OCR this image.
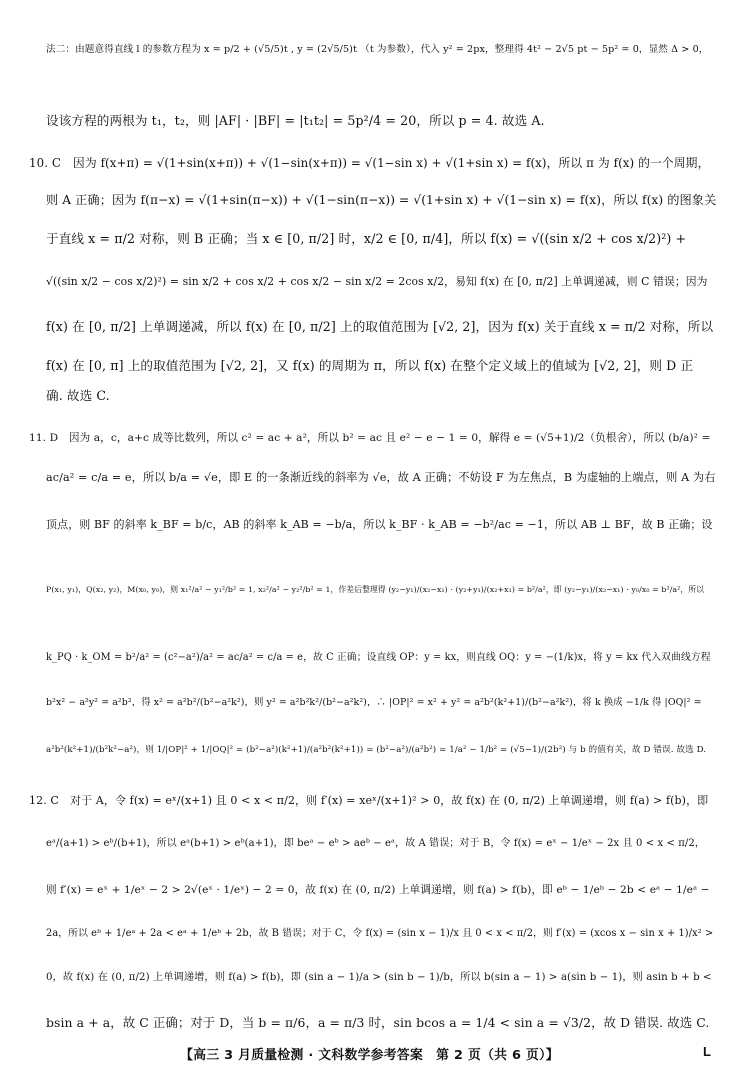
法二：由题意得直线 l 的参数方程为 x = p/2 + (√5/5)t , y = (2√5/5)t （t 为参数），代入 y² = 2px，整理得 4t² − 2√5 pt − 5p² = 0，显然 Δ > 0，
设该方程的两根为 t₁，t₂，则 |AF| · |BF| = |t₁t₂| = 5p²/4 = 20，所以 p = 4. 故选 A.
10. C　因为 f(x+π) = √(1+sin(x+π)) + √(1−sin(x+π)) = √(1−sin x) + √(1+sin x) = f(x)，所以 π 为 f(x) 的一个周期，
则 A 正确；因为 f(π−x) = √(1+sin(π−x)) + √(1−sin(π−x)) = √(1+sin x) + √(1−sin x) = f(x)，所以 f(x) 的图象关
于直线 x = π/2 对称，则 B 正确；当 x ∈ [0, π/2] 时，x/2 ∈ [0, π/4]，所以 f(x) = √((sin x/2 + cos x/2)²) +
√((sin x/2 − cos x/2)²) = sin x/2 + cos x/2 + cos x/2 − sin x/2 = 2cos x/2，易知 f(x) 在 [0, π/2] 上单调递减，则 C 错误；因为
f(x) 在 [0, π/2] 上单调递减，所以 f(x) 在 [0, π/2] 上的取值范围为 [√2, 2]，因为 f(x) 关于直线 x = π/2 对称，所以
f(x) 在 [0, π] 上的取值范围为 [√2, 2]，又 f(x) 的周期为 π，所以 f(x) 在整个定义域上的值域为 [√2, 2]，则 D 正
确. 故选 C.
11. D　因为 a，c，a+c 成等比数列，所以 c² = ac + a²，所以 b² = ac 且 e² − e − 1 = 0，解得 e = (√5+1)/2（负根舍），所以 (b/a)² =
ac/a² = c/a = e，所以 b/a = √e，即 E 的一条渐近线的斜率为 √e，故 A 正确；不妨设 F 为左焦点，B 为虚轴的上端点，则 A 为右
顶点，则 BF 的斜率 k_BF = b/c，AB 的斜率 k_AB = −b/a，所以 k_BF · k_AB = −b²/ac = −1，所以 AB ⊥ BF，故 B 正确；设
P(x₁, y₁)，Q(x₂, y₂)，M(x₀, y₀)，则 x₁²/a² − y₁²/b² = 1, x₂²/a² − y₂²/b² = 1，作差后整理得 (y₂−y₁)/(x₂−x₁) · (y₂+y₁)/(x₂+x₁) = b²/a²，即 (y₂−y₁)/(x₂−x₁) · y₀/x₀ = b²/a²，所以
k_PQ · k_OM = b²/a² = (c²−a²)/a² = ac/a² = c/a = e，故 C 正确；设直线 OP：y = kx，则直线 OQ：y = −(1/k)x，将 y = kx 代入双曲线方程
b²x² − a²y² = a²b²，得 x² = a²b²/(b²−a²k²)，则 y² = a²b²k²/(b²−a²k²)，∴ |OP|² = x² + y² = a²b²(k²+1)/(b²−a²k²)，将 k 换成 −1/k 得 |OQ|² =
a²b²(k²+1)/(b²k²−a²)，则 1/|OP|² + 1/|OQ|² = (b²−a²)(k²+1)/(a²b²(k²+1)) = (b²−a²)/(a²b²) = 1/a² − 1/b² = (√5−1)/(2b²) 与 b 的值有关，故 D 错误. 故选 D.
12. C　对于 A，令 f(x) = eˣ/(x+1) 且 0 < x < π/2，则 f′(x) = xeˣ/(x+1)² > 0，故 f(x) 在 (0, π/2) 上单调递增，则 f(a) > f(b)，即
eᵃ/(a+1) > eᵇ/(b+1)，所以 eᵃ(b+1) > eᵇ(a+1)，即 beᵃ − eᵇ > aeᵇ − eᵃ，故 A 错误；对于 B，令 f(x) = eˣ − 1/eˣ − 2x 且 0 < x < π/2，
则 f′(x) = eˣ + 1/eˣ − 2 > 2√(eˣ · 1/eˣ) − 2 = 0，故 f(x) 在 (0, π/2) 上单调递增，则 f(a) > f(b)，即 eᵇ − 1/eᵇ − 2b < eᵃ − 1/eᵃ −
2a，所以 eᵇ + 1/eᵃ + 2a < eᵃ + 1/eᵇ + 2b，故 B 错误；对于 C，令 f(x) = (sin x − 1)/x 且 0 < x < π/2，则 f′(x) = (xcos x − sin x + 1)/x² >
0，故 f(x) 在 (0, π/2) 上单调递增，则 f(a) > f(b)，即 (sin a − 1)/a > (sin b − 1)/b，所以 b(sin a − 1) > a(sin b − 1)，则 asin b + b <
bsin a + a，故 C 正确；对于 D，当 b = π/6，a = π/3 时，sin bcos a = 1/4 < sin a = √3/2，故 D 错误. 故选 C.
【高三 3 月质量检测 · 文科数学参考答案　第 2 页（共 6 页）】	L
